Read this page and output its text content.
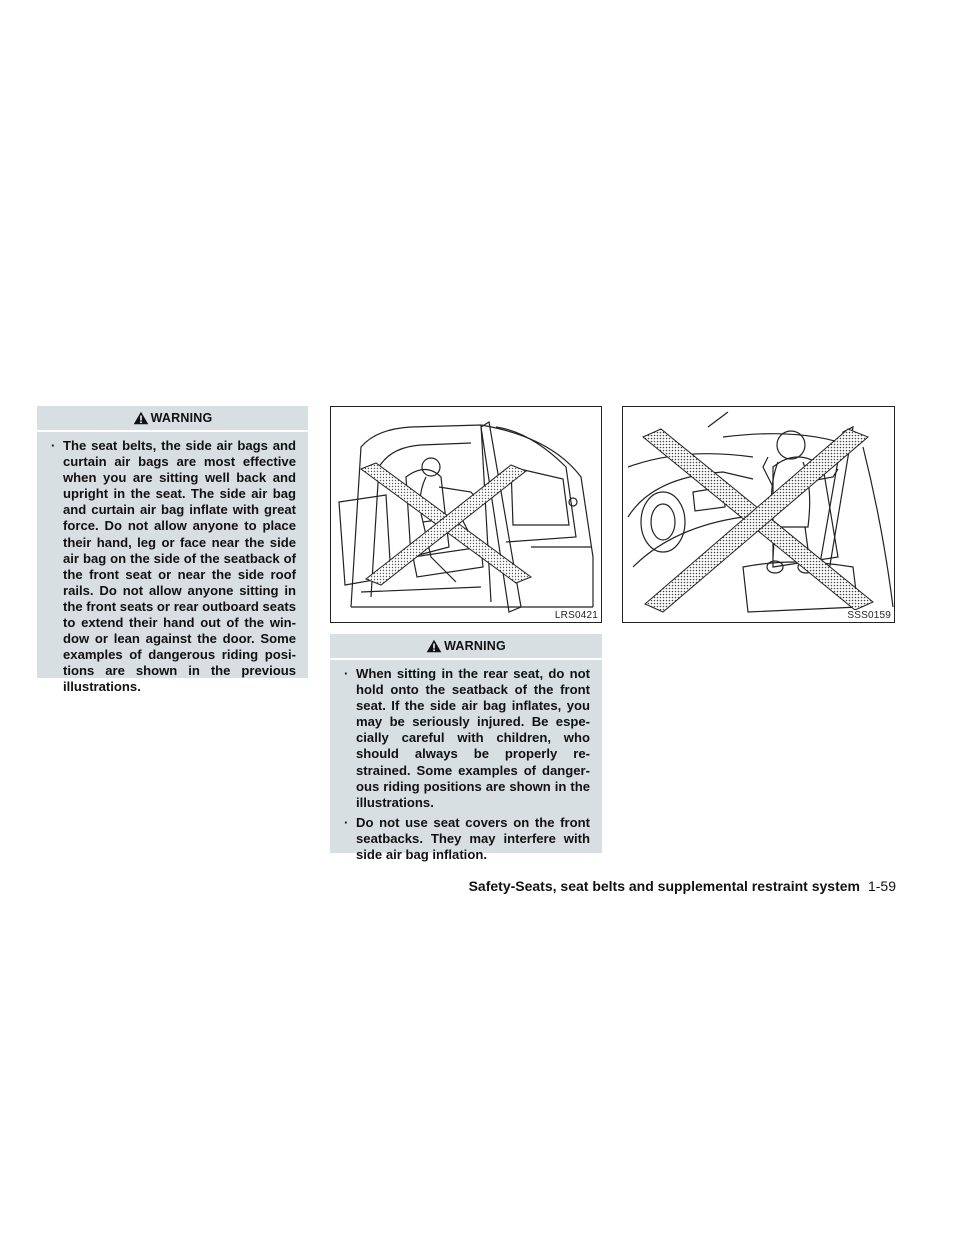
WARNING
· The seat belts, the side air bags and curtain air bags are most effective when you are sitting well back and upright in the seat. The side air bag and curtain air bag inflate with great force. Do not allow anyone to place their hand, leg or face near the side air bag on the side of the seatback of the front seat or near the side roof rails. Do not allow anyone sitting in the front seats or rear outboard seats to extend their hand out of the win- dow or lean against the door. Some examples of dangerous riding posi- tions are shown in the previous illustrations.
LRS0421	SSS0159
WARNING
· When sitting in the rear seat, do not hold onto the seatback of the front seat. If the side air bag inflates, you may be seriously injured. Be espe- cially careful with children, who should always be properly re- strained. Some examples of danger- ous riding positions are shown in the illustrations.
· Do not use seat covers on the front seatbacks. They may interfere with side air bag inflation.
Safety-Seats, seat belts and supplemental restraint system 1-59
